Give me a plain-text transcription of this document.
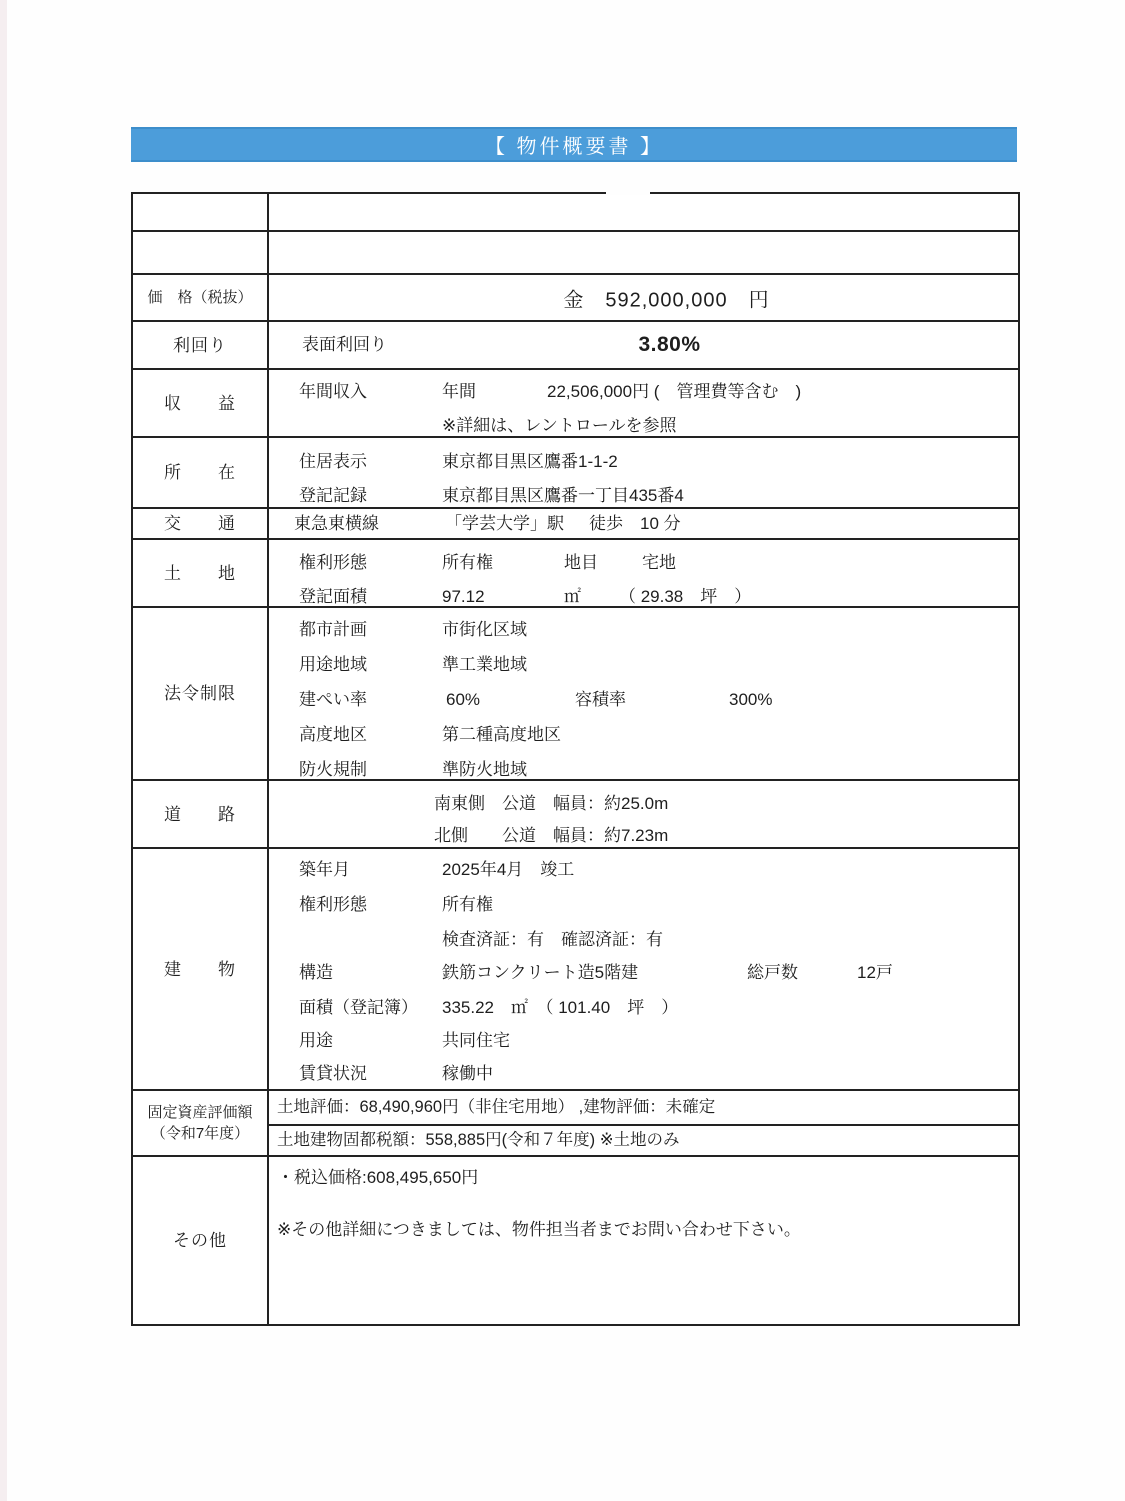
【 物件概要書 】
価　格（税抜）	金　592,000,000　円
利回り	表面利回り	3.80%
収　　益
年間収入	年間	22,506,000円 (　管理費等含む　)
※詳細は、レントロールを参照
所　　在
住居表示	東京都目黒区鷹番1-1-2
登記記録	東京都目黒区鷹番一丁目435番4
交　　通	東急東横線	「学芸大学」駅 徒歩　10 分
土　　地
権利形態	所有権	地目	宅地
登記面積	97.12	㎡ （ 29.38　坪　）
法令制限
都市計画	市街化区域
用途地域	準工業地域
建ぺい率	60%	容積率	300%
高度地区	第二種高度地区
防火規制	準防火地域
道　　路
南東側　公道　幅員：約25.0m
北側　　公道　幅員：約7.23m
建　　物
築年月	2025年4月　竣工
権利形態	所有権
検査済証：有　確認済証：有
構造	鉄筋コンクリート造5階建	総戸数	12戸
面積（登記簿） 335.22　㎡　（ 101.40　坪　）
用途	共同住宅
賃貸状況	稼働中
固定資産評価額
（令和7年度）
土地評価：68,490,960円（非住宅用地） ,建物評価：未確定
土地建物固都税額：558,885円(令和７年度) ※土地のみ
その他
・税込価格:608,495,650円
※その他詳細につきましては、物件担当者までお問い合わせ下さい。
